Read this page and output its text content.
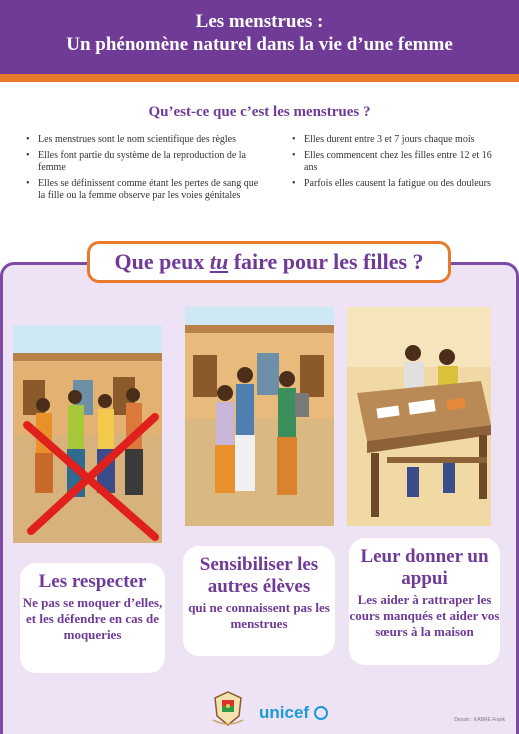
Les menstrues :
Un phénomène naturel dans la vie d’une femme
Qu’est-ce que c’est les menstrues ?
• Les menstrues sont le nom scientifique des règles
• Elles font partie du système de la reproduction de la femme
• Elles se définissent comme étant les pertes de sang que la fille ou la femme observe par les voies génitales
• Elles durent entre 3 et 7 jours chaque mois
• Elles commencent chez les filles entre 12 et 16 ans
• Parfois elles causent la fatigue ou des douleurs
Que peux tu faire pour les filles ?
Les respecter
Ne pas se moquer d’elles, et les défendre en cas de moqueries
Sensibiliser les autres élèves
qui ne connaissent pas les menstrues
Leur donner un appui
Les aider à rattraper les cours manqués et aider vos sœurs à la maison
unicef	Dessin : KABRE Frank
